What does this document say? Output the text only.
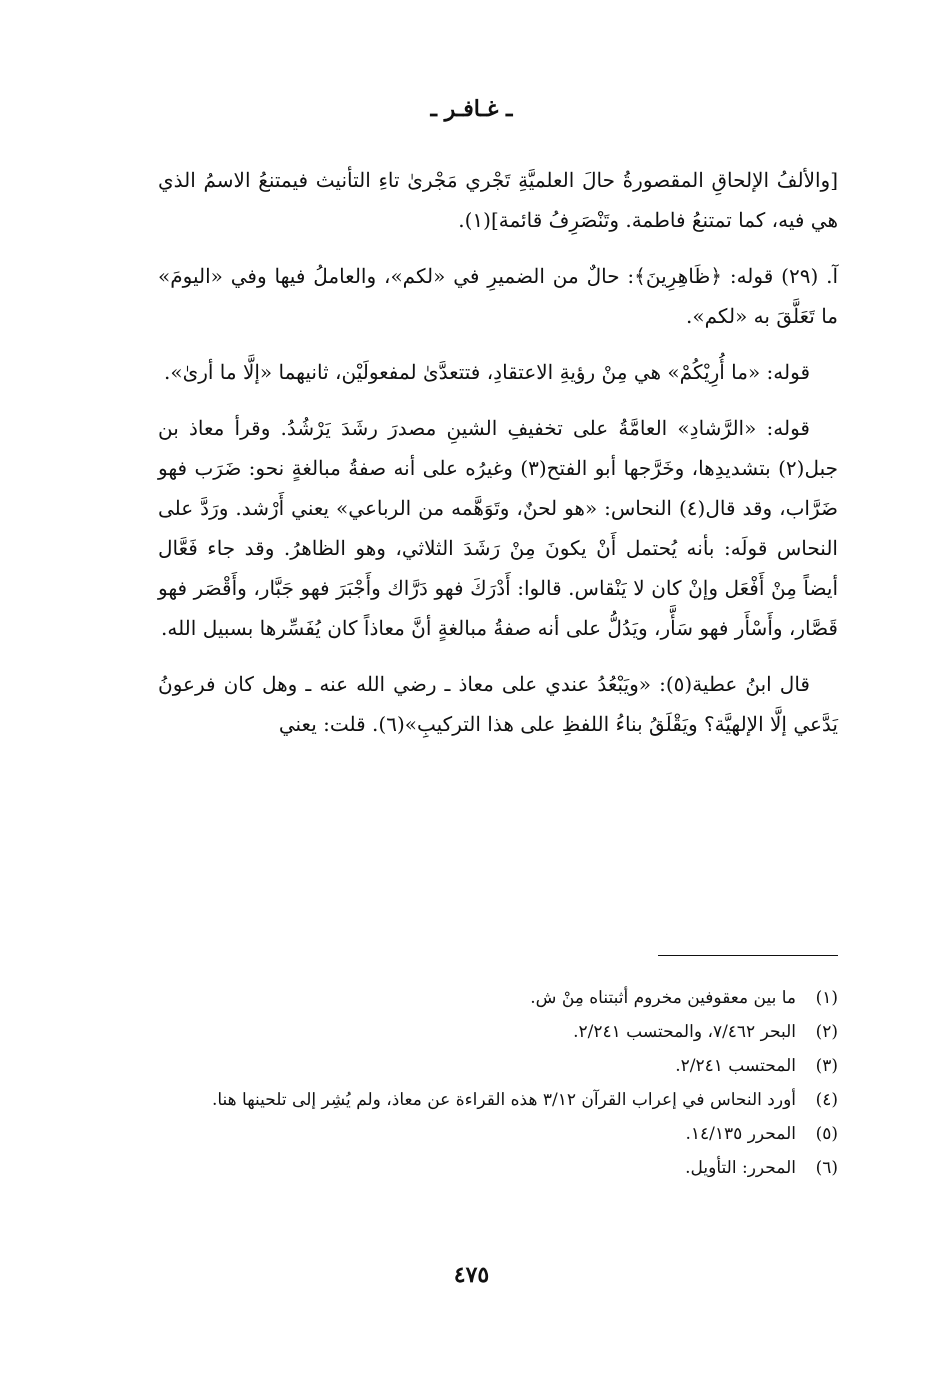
ـ غـافـر ـ

[والألفُ الإلحاقِ المقصورةُ حالَ العلميَّةِ تَجْري مَجْرىٰ تاءِ التأنيث فيمتنعُ الاسمُ الذي هي فيه، كما تمتنعُ فاطمة. وتَنْصَرِفُ قائمة](١).

آ. (٢٩) قوله: ﴿ظَاهِرِينَ﴾: حالٌ من الضميرِ في «لكم»، والعاملُ فيها وفي «اليومَ» ما تَعَلَّقَ به «لكم».

قوله: «ما أُرِيْكُمْ» هي مِنْ رؤيةِ الاعتقادِ، فتتعدَّىٰ لمفعولَيْن، ثانيهما «إلَّا ما أرىٰ».

قوله: «الرَّشادِ» العامَّةُ على تخفيفِ الشينِ مصدرَ رشَدَ يَرْشُدُ. وقرأ معاذ بن جبل(٢) بتشديدِها، وخَرَّجها أبو الفتح(٣) وغيرُه على أنه صفةُ مبالغةٍ نحو: ضَرَب فهو ضَرَّاب، وقد قال(٤) النحاس: «هو لحنٌ، وتَوَهَّمه من الرباعي» يعني أَرْشد. ورَدَّ على النحاس قولَه: بأنه يُحتمل أَنْ يكونَ مِنْ رَشَدَ الثلاثي، وهو الظاهرُ. وقد جاء فَعَّال أيضاً مِنْ أَفْعَل وإنْ كان لا يَنْقاس. قالوا: أَدْرَكَ فهو دَرَّاك وأَجْبَرَ فهو جَبَّار، وأَقْصَر فهو قَصَّار، وأَسْأَر فهو سَأَّر، ويَدُلُّ على أنه صفةُ مبالغةٍ أنَّ معاذاً كان يُفَسِّرها بسبيل الله.

قال ابنُ عطية(٥): «ويَبْعُدُ عندي على معاذ ـ رضي الله عنه ـ وهل كان فرعونُ يَدَّعي إلَّا الإلهيَّة؟ ويَقْلَقُ بناءُ اللفظِ على هذا التركيبِ»(٦). قلت: يعني

(١)
ما بين معقوفين مخروم أثبتناه مِنْ ش.
(٢)
البحر ٧/٤٦٢، والمحتسب ٢/٢٤١.
(٣)
المحتسب ٢/٢٤١.
(٤)
أورد النحاس في إعراب القرآن ٣/١٢ هذه القراءة عن معاذ، ولم يُشِر إلى تلحينها هنا.
(٥)
المحرر ١٤/١٣٥.
(٦)
المحرر: التأويل.
٤٧٥
